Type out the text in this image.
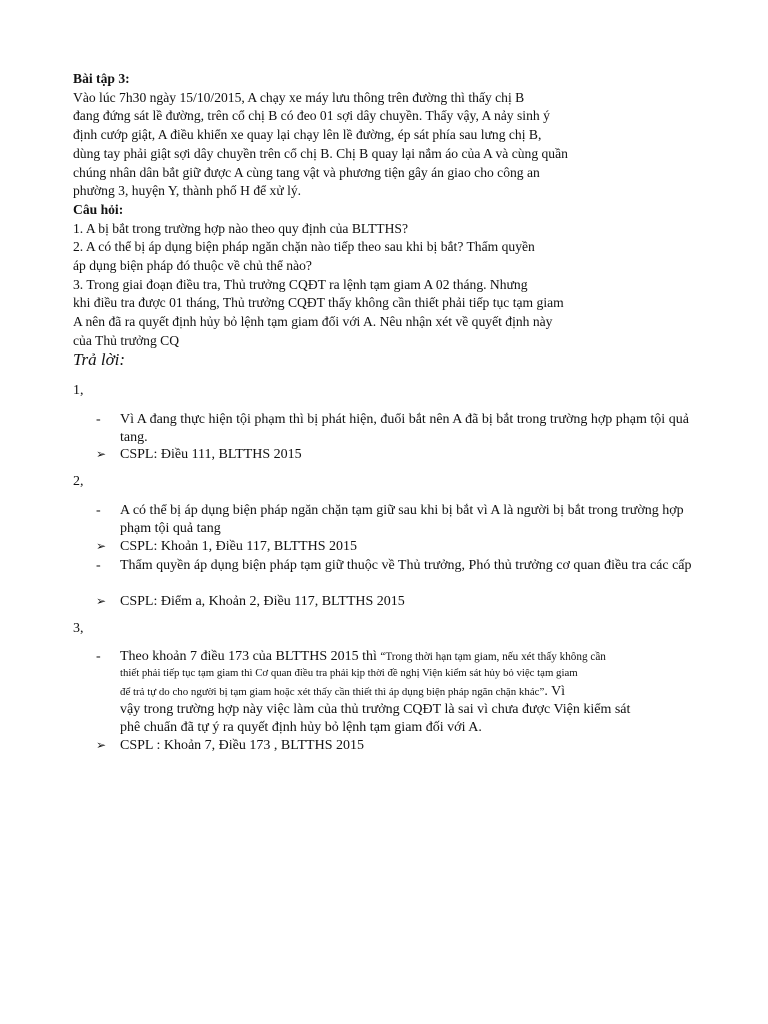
Bài tập 3:
Vào lúc 7h30 ngày 15/10/2015, A chạy xe máy lưu thông trên đường thì thấy chị B
đang đứng sát lề đường, trên cổ chị B có đeo 01 sợi dây chuyền. Thấy vậy, A nảy sinh ý
định cướp giật, A điều khiển xe quay lại chạy lên lề đường, ép sát phía sau lưng chị B,
dùng tay phải giật sợi dây chuyền trên cổ chị B. Chị B quay lại nắm áo của A và cùng quần
chúng nhân dân bắt giữ được A cùng tang vật và phương tiện gây án giao cho công an
phường 3, huyện Y, thành phố H để xử lý.
Câu hỏi:
1. A bị bắt trong trường hợp nào theo quy định của BLTTHS?
2. A có thể bị áp dụng biện pháp ngăn chặn nào tiếp theo sau khi bị bắt? Thẩm quyền
áp dụng biện pháp đó thuộc về chủ thể nào?
3. Trong giai đoạn điều tra, Thủ trưởng CQĐT ra lệnh tạm giam A 02 tháng. Nhưng
khi điều tra được 01 tháng, Thủ trưởng CQĐT thấy không cần thiết phải tiếp tục tạm giam
A nên đã ra quyết định hủy bỏ lệnh tạm giam đối với A. Nêu nhận xét về quyết định này
của Thủ trưởng CQ
Trả lời:
1,
-	Vì A đang thực hiện tội phạm thì bị phát hiện, đuổi bắt nên A đã bị bắt trong trường hợp phạm tội quả tang.
➢ CSPL: Điều 111, BLTTHS 2015
2,
-	A có thể bị áp dụng biện pháp ngăn chặn tạm giữ sau khi bị bắt vì A là người bị bắt trong trường hợp phạm tội quả tang
➢ CSPL: Khoản 1, Điều 117, BLTTHS 2015
-	Thẩm quyền áp dụng biện pháp tạm giữ thuộc về Thủ trưởng, Phó thủ trưởng cơ quan điều tra các cấp
➢ CSPL: Điểm a, Khoản 2, Điều 117, BLTTHS 2015
3,
-	Theo khoản 7 điều 173 của BLTTHS 2015 thì “Trong thời hạn tạm giam, nếu xét thấy không cần
thiết phải tiếp tục tạm giam thì Cơ quan điều tra phải kịp thời đề nghị Viện kiểm sát hủy bỏ việc tạm giam
để trả tự do cho người bị tạm giam hoặc xét thấy cần thiết thì áp dụng biện pháp ngăn chặn khác”. Vì
vậy trong trường hợp này việc làm của thủ trưởng CQĐT là sai vì chưa được Viện kiểm sát
phê chuẩn đã tự ý ra quyết định hủy bỏ lệnh tạm giam đối với A.
➢ CSPL : Khoản 7, Điều 173 , BLTTHS 2015
